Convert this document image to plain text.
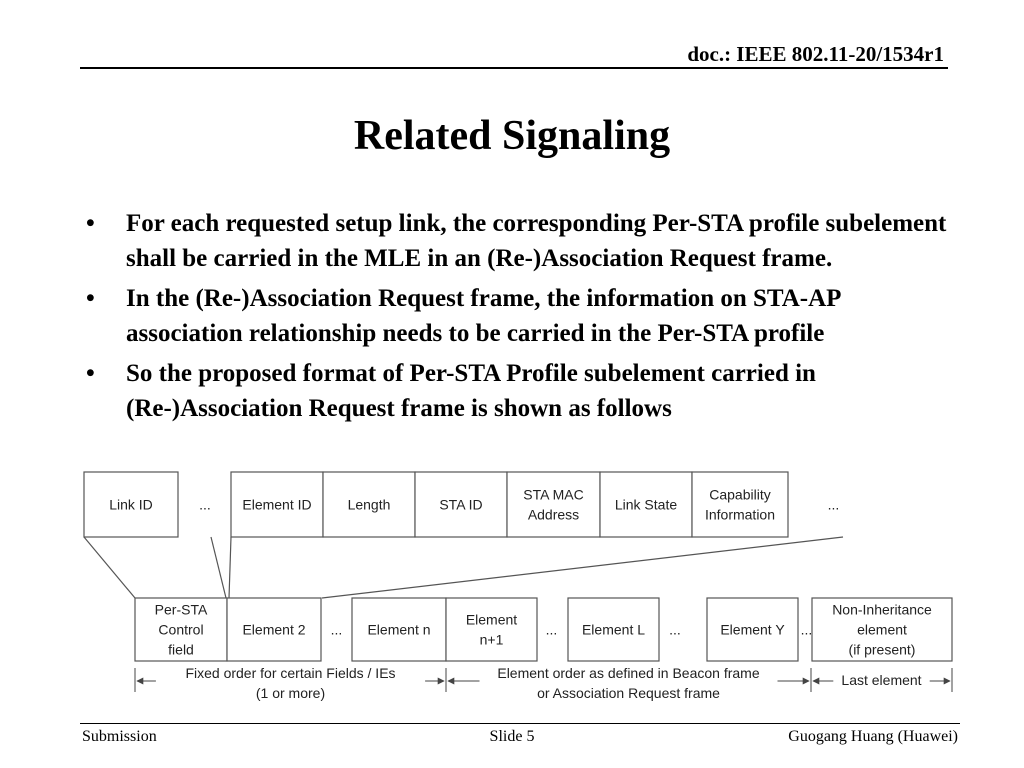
doc.: IEEE 802.11-20/1534r1
Related Signaling
• For each requested setup link, the corresponding Per-STA profile subelement shall be carried in the MLE in an (Re-)Association Request frame.
• In the (Re-)Association Request frame, the information on STA-AP association relationship needs to be carried in the Per-STA profile
• So the proposed format of Per-STA Profile subelement carried in (Re-)Association Request frame is shown as follows
Link ID	... Element ID	Length	STA ID
STA MAC Address
Link State
Capability Information
...
Per-STA Control field
Element 2 ... Element n
Element n+1
... Element L ...	Element Y ...
Non-Inheritance element (if present)
Fixed order for certain Fields / IEs (1 or more)
Element order as defined in Beacon frame or Association Request frame
Last element
Submission	Slide 5	Guogang Huang (Huawei)
